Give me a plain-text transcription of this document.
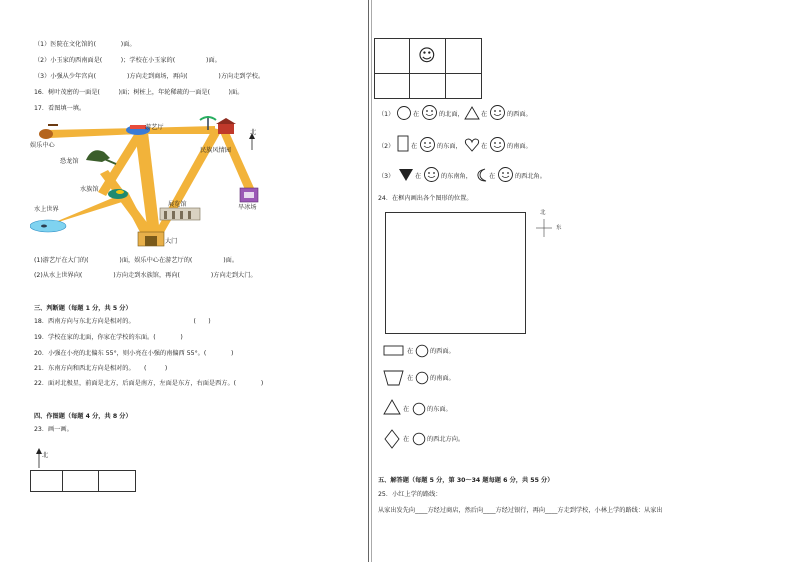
（1）医院在文化馆的(　　　　)面。
（2）小玉家的西南面是(　　　)；学校在小玉家的(　　　　　)面。
（3）小强从少年宫向(　　　　　)方向走到商场，再向(　　　　　)方向走到学校。
16．树叶茂密的一面是(　　　)面；树桩上，年轮稀疏的一面是(　　　)面。
17．看图填一填。
北
娱乐中心
游艺厅
民族风情园
恐龙馆
水族馆
水上世界
展览馆	旱冰场
大门
(1)游艺厅在大门的(　　　　　)面，娱乐中心在游艺厅的(　　　　　)面。
(2)从水上世界向(　　　　　)方向走到水族馆，再向(　　　　　)方向走到大门。
三、判断题（每题 1 分，共 5 分）
18．西南方向与东北方向是相对的。　　　　　　　　　　(　　)
19．学校在家的北面，你家在学校的东面。(　　　　)
20．小强在小亮的北偏东 55°，则小亮在小强的南偏西 55°。(　　　　)
21．东南方向和西北方向是相对的。　　(　　　)
22．面对北极星，前面是北方，后面是南方，左面是东方，右面是西方。(　　　　)
四、作图题（每题 4 分，共 8 分）
23．画一画。
北
☺
（1）	在	的北面，	在	的西面。
（2）	在	的东面，	在	的南面。
（3）	在	的东南角，	在	的西北角。
24．在框内画出各个图形的位置。
北
东
在	的西面。
在	的南面。
在	的东面。
在	的西北方向。
五、解答题（每题 5 分，第 30～34 题每题 6 分，共 55 分）
25．小红上学的路线：
从家出发先向____方经过商店，然后向____方经过银行，再向____方走到学校，小林上学的路线：从家出
